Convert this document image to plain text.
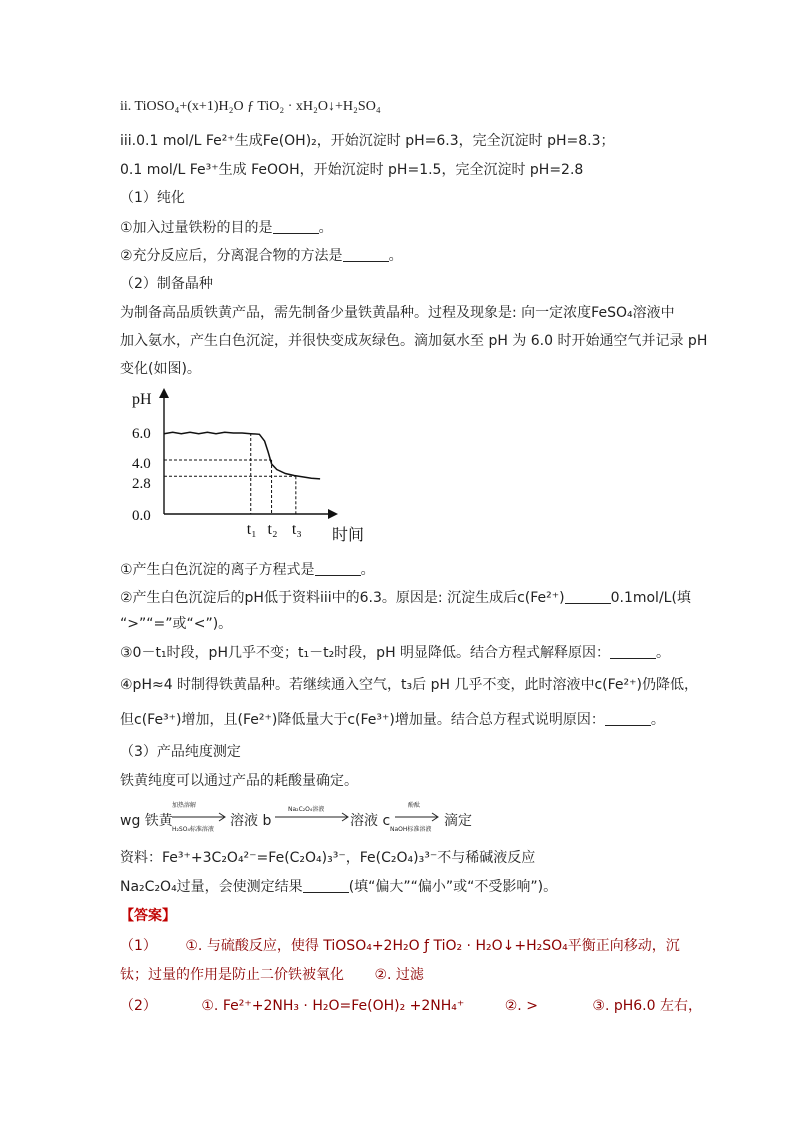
ii. TiOSO₄+(x+1)H₂O ƒ TiO₂ · xH₂O↓+H₂SO₄
iii.0.1 mol/L Fe²⁺生成Fe(OH)₂，开始沉淀时 pH=6.3，完全沉淀时 pH=8.3；
0.1 mol/L Fe³⁺生成 FeOOH，开始沉淀时 pH=1.5，完全沉淀时 pH=2.8
（1）纯化
①加入过量铁粉的目的是	。
②充分反应后，分离混合物的方法是	。
（2）制备晶种
为制备高品质铁黄产品，需先制备少量铁黄晶种。过程及现象是: 向一定浓度FeSO₄溶液中
加入氨水，产生白色沉淀，并很快变成灰绿色。滴加氨水至 pH 为 6.0 时开始通空气并记录 pH
变化(如图)。
pH
时间
6.0
4.0
2.8
0.0
t₁ t₂ t₃
①产生白色沉淀的离子方程式是	。
②产生白色沉淀后的pH低于资料iii中的6.3。原因是: 沉淀生成后c(Fe²⁺)	0.1mol/L(填
“>”“=”或“<”)。
③0－t₁时段，pH几乎不变；t₁－t₂时段，pH 明显降低。结合方程式解释原因：	。
④pH≈4 时制得铁黄晶种。若继续通入空气，t₃后 pH 几乎不变，此时溶液中c(Fe²⁺)仍降低，
但c(Fe³⁺)增加，且(Fe²⁺)降低量大于c(Fe³⁺)增加量。结合总方程式说明原因：	。
（3）产品纯度测定
铁黄纯度可以通过产品的耗酸量确定。
wg 铁黄
加热溶解
H₂SO₄标准溶液
溶液 b
Na₂C₂O₄溶液
溶液 c
酚酞
NaOH标准溶液
滴定
资料：Fe³⁺+3C₂O₄²⁻=Fe(C₂O₄)₃³⁻，Fe(C₂O₄)₃³⁻不与稀碱液反应
Na₂C₂O₄过量，会使测定结果	(填“偏大”“偏小”或“不受影响”)。
【答案】
（1） ①. 与硫酸反应，使得 TiOSO₄+2H₂O ƒ TiO₂ · H₂O↓+H₂SO₄平衡正向移动，沉
钛；过量的作用是防止二价铁被氧化 ②. 过滤
（2）	①. Fe²⁺+2NH₃ · H₂O=Fe(OH)₂ +2NH₄⁺	②. >	③. pH6.0 左右，
